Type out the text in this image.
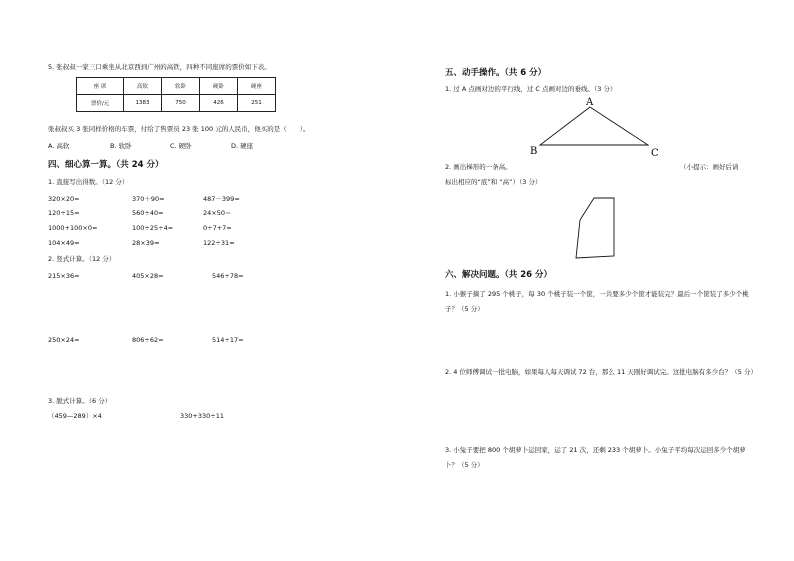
5. 张叔叔一家三口乘坐从北京西到广州的高铁，四种不同座席的票价如下表。
座 席	高软	软卧	硬卧	硬座
票价/元	1383	750	426	251
张叔叔买 3 张同样价格的车票，付给了售票员 23 张 100 元的人民币，他买的是（　　）。
A. 高软	B. 软卧	C. 硬卧	D. 硬座
四、细心算一算。（共 24 分）
1. 直接写出得数。（12 分）
320×20=	370＋90=	487－399=
120÷15=	560÷40=	24×50＝
1000+100×0=	100÷25÷4=	0÷7+7=
104×49≈	28×39≈	122÷31≈
2. 竖式计算。（12 分）
215×36=	405×28=	546÷78=
250×24=	806÷62=	514÷17=
3. 脱式计算。（6 分）
（459—289）×4	330+330÷11
五、动手操作。（共 6 分）
1. 过 A 点画对边的平行线，过 C 点画对边的垂线。（3 分）
A
B	C
2. 画出梯形的一条高。	（小提示：画好后请
标出相应的“底”和 “高”）（3 分）
六、解决问题。（共 26 分）
1. 小猴子摘了 295 个桃子，每 30 个桃子装一个筐，一共要多少个筐才能装完？最后一个筐装了多少个桃子？（5 分）
2. 4 位师傅调试一批电脑，如果每人每天调试 72 台，那么 11 天刚好调试完。这批电脑有多少台？（5 分）
3. 小兔子要把 800 个胡萝卜运回家，运了 21 次，还剩 233 个胡萝卜。小兔子平均每次运回多少个胡萝卜？（5 分）
